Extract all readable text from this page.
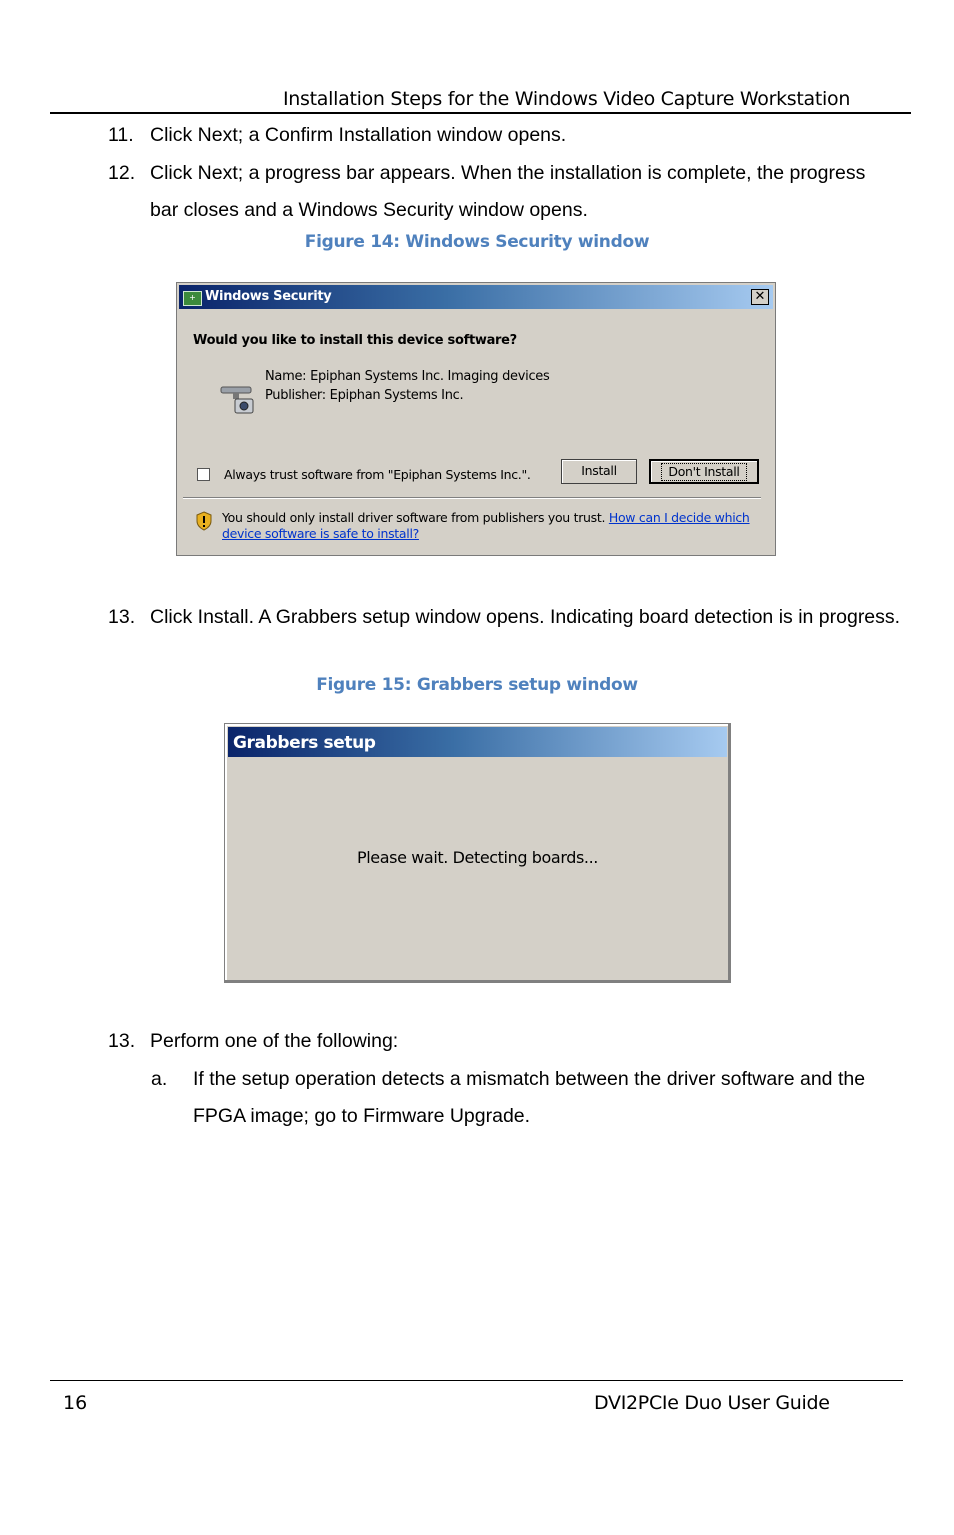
Installation Steps for the Windows Video Capture Workstation
11. Click Next; a Confirm Installation window opens.
12. Click Next; a progress bar appears. When the installation is complete, the progress bar closes and a Windows Security window opens.
Figure 14: Windows Security window
+ Windows Security	✕
Would you like to install this device software?
Name: Epiphan Systems Inc. Imaging devices
Publisher: Epiphan Systems Inc.
Always trust software from "Epiphan Systems Inc.".	Install	Don't Install
You should only install driver software from publishers you trust. How can I decide which device software is safe to install?
13. Click Install. A Grabbers setup window opens. Indicating board detection is in progress.
Figure 15: Grabbers setup window
Grabbers setup
Please wait. Detecting boards...
13. Perform one of the following:
a. If the setup operation detects a mismatch between the driver software and the FPGA image; go to Firmware Upgrade.
16	DVI2PCIe Duo User Guide
